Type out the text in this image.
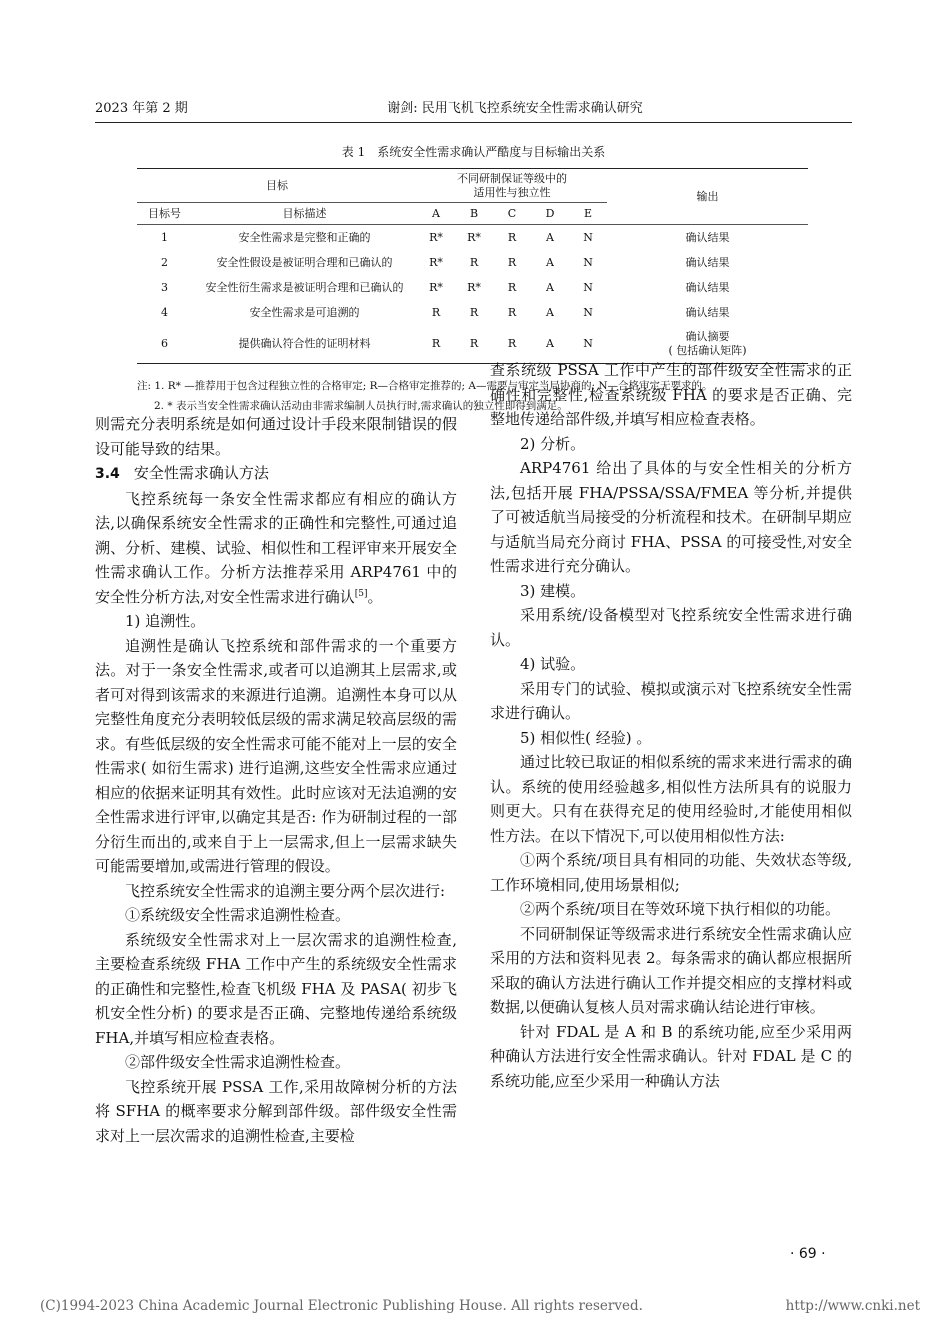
2023 年第 2 期	谢剑: 民用飞机飞控系统安全性需求确认研究
表 1　系统安全性需求确认严酷度与目标输出关系
目标		不同研制保证等级中的适用性与独立性					输出
目标号	目标描述	A	B	C	D	E	
1	安全性需求是完整和正确的	R*	R*	R	A	N	确认结果
2	安全性假设是被证明合理和已确认的	R*	R	R	A	N	确认结果
3	安全性衍生需求是被证明合理和已确认的	R*	R*	R	A	N	确认结果
4	安全性需求是可追溯的	R	R	R	A	N	确认结果
6	提供确认符合性的证明材料	R	R	R	A	N	确认摘要
( 包括确认矩阵)
注: 1. R* —推荐用于包含过程独立性的合格审定; R—合格审定推荐的; A—需要与审定当局协商的; N—合格审定无要求的。
2. * 表示当安全性需求确认活动由非需求编制人员执行时,需求确认的独立性即得到满足。

则需充分表明系统是如何通过设计手段来限制错误的假设可能导致的结果。

3.4 安全性需求确认方法

飞控系统每一条安全性需求都应有相应的确认方法,以确保系统安全性需求的正确性和完整性,可通过追溯、分析、建模、试验、相似性和工程评审来开展安全性需求确认工作。分析方法推荐采用 ARP4761 中的安全性分析方法,对安全性需求进行确认[5]。

1) 追溯性。

追溯性是确认飞控系统和部件需求的一个重要方法。对于一条安全性需求,或者可以追溯其上层需求,或者可对得到该需求的来源进行追溯。追溯性本身可以从完整性角度充分表明较低层级的需求满足较高层级的需求。有些低层级的安全性需求可能不能对上一层的安全性需求( 如衍生需求) 进行追溯,这些安全性需求应通过相应的依据来证明其有效性。此时应该对无法追溯的安全性需求进行评审,以确定其是否: 作为研制过程的一部分衍生而出的,或来自于上一层需求,但上一层需求缺失可能需要增加,或需进行管理的假设。

飞控系统安全性需求的追溯主要分两个层次进行:

①系统级安全性需求追溯性检查。

系统级安全性需求对上一层次需求的追溯性检查,主要检查系统级 FHA 工作中产生的系统级安全性需求的正确性和完整性,检查飞机级 FHA 及 PASA( 初步飞机安全性分析) 的要求是否正确、完整地传递给系统级 FHA,并填写相应检查表格。

②部件级安全性需求追溯性检查。

飞控系统开展 PSSA 工作,采用故障树分析的方法将 SFHA 的概率要求分解到部件级。部件级安全性需求对上一层次需求的追溯性检查,主要检

查系统级 PSSA 工作中产生的部件级安全性需求的正确性和完整性,检查系统级 FHA 的要求是否正确、完整地传递给部件级,并填写相应检查表格。

2) 分析。

ARP4761 给出了具体的与安全性相关的分析方法,包括开展 FHA/PSSA/SSA/FMEA 等分析,并提供了可被适航当局接受的分析流程和技术。在研制早期应与适航当局充分商讨 FHA、PSSA 的可接受性,对安全性需求进行充分确认。

3) 建模。

采用系统/设备模型对飞控系统安全性需求进行确认。

4) 试验。

采用专门的试验、模拟或演示对飞控系统安全性需求进行确认。

5) 相似性( 经验) 。

通过比较已取证的相似系统的需求来进行需求的确认。系统的使用经验越多,相似性方法所具有的说服力则更大。只有在获得充足的使用经验时,才能使用相似性方法。在以下情况下,可以使用相似性方法:

①两个系统/项目具有相同的功能、失效状态等级,工作环境相同,使用场景相似;

②两个系统/项目在等效环境下执行相似的功能。

不同研制保证等级需求进行系统安全性需求确认应采用的方法和资料见表 2。每条需求的确认都应根据所采取的确认方法进行确认工作并提交相应的支撑材料或数据,以便确认复核人员对需求确认结论进行审核。

针对 FDAL 是 A 和 B 的系统功能,应至少采用两种确认方法进行安全性需求确认。针对 FDAL 是 C 的系统功能,应至少采用一种确认方法

· 69 ·
(C)1994-2023 China Academic Journal Electronic Publishing House. All rights reserved.	http://www.cnki.net
